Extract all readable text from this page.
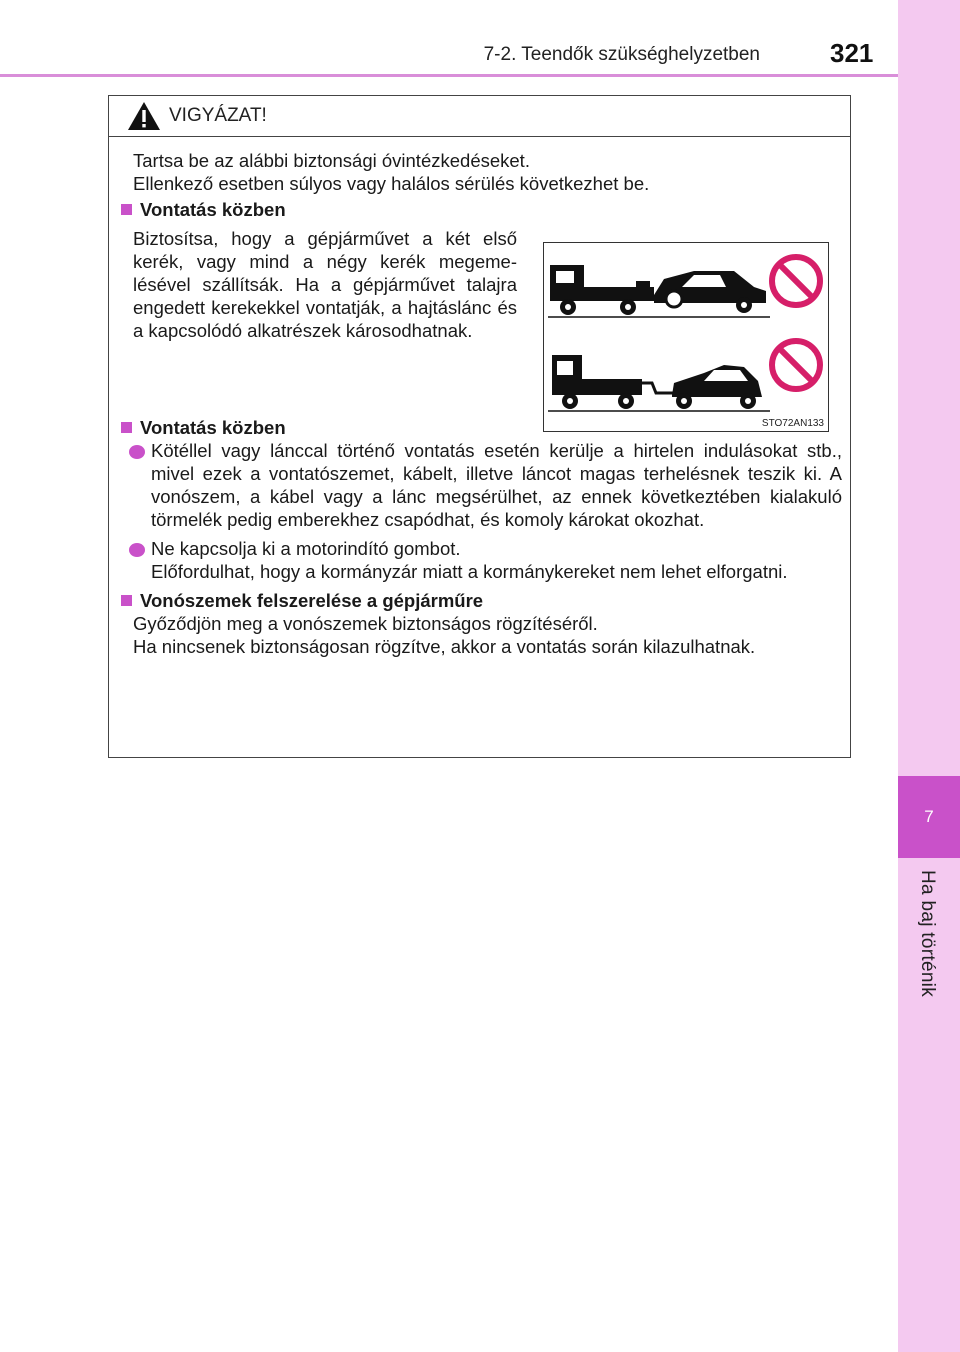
7-2. Teendők szükséghelyzetben	321
7
Ha baj történik
VIGYÁZAT!
Tartsa be az alábbi biztonsági óvintézkedéseket.
Ellenkező esetben súlyos vagy halálos sérülés következhet be.
Vontatás közben
Biztosítsa, hogy a gépjárművet a két első kerék, vagy mind a négy kerék megemelésével szállítsák. Ha a gépjárművet talajra engedett kerekekkel vontatják, a hajtáslánc és a kapcsolódó alkatrészek károsodhatnak.
Vontatás közben
Kötéllel vagy lánccal történő vontatás esetén kerülje a hirtelen indulásokat stb., mivel ezek a vontatószemet, kábelt, illetve láncot magas terhelésnek teszik ki. A vonószem, a kábel vagy a lánc megsérülhet, az ennek következtében kialakuló törmelék pedig emberekhez csapódhat, és komoly károkat okozhat.
Ne kapcsolja ki a motorindító gombot.
Előfordulhat, hogy a kormányzár miatt a kormánykereket nem lehet elforgatni.
Vonószemek felszerelése a gépjárműre
Győződjön meg a vonószemek biztonságos rögzítéséről.
Ha nincsenek biztonságosan rögzítve, akkor a vontatás során kilazulhatnak.
STO72AN133
